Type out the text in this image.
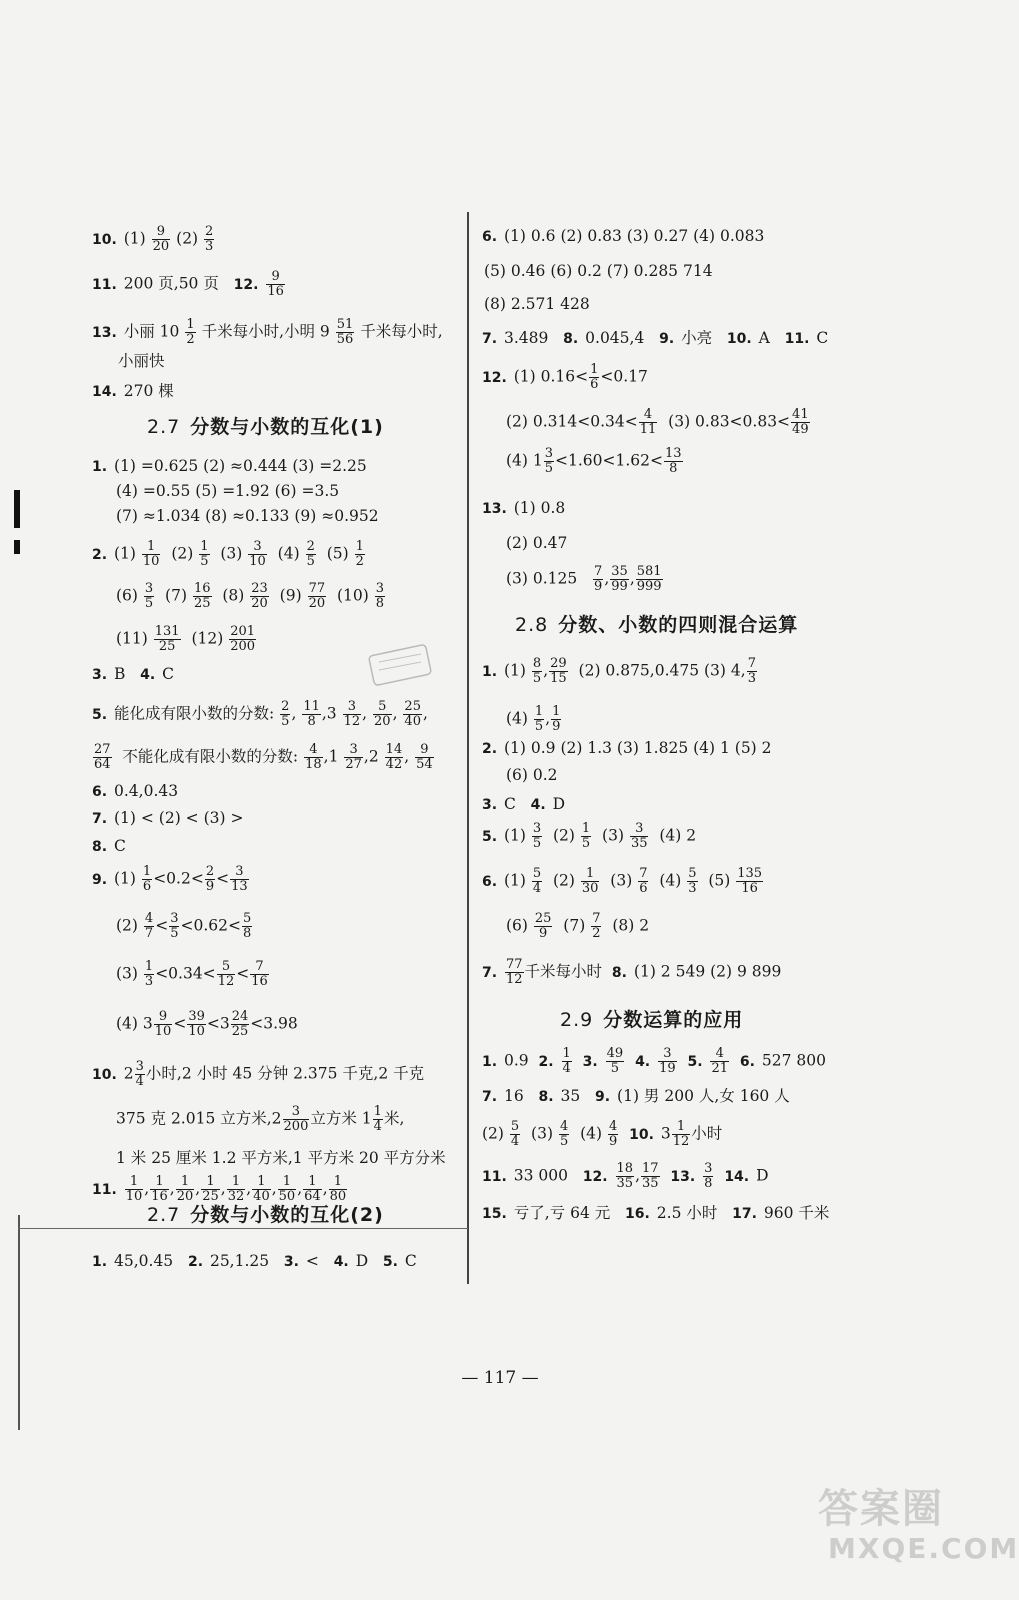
10. $(1) \frac{9}{20} (2) \frac{2}{3}$
11. 200 页,50 页 12. $\frac{9}{16}$
13. 小丽 $10 \frac{1}{2}$ 千米每小时,小明 $9 \frac{51}{56}$ 千米每小时,
小丽快
14. 270 棵
2.7 分数与小数的互化(1)
1. (1) =0.625 (2) ≈0.444 (3) =2.25
(4) =0.55 (5) =1.92 (6) =3.5
(7) ≈1.034 (8) ≈0.133 (9) ≈0.952
2. $(1) \frac{1}{10} (2) \frac{1}{5} (3) \frac{3}{10} (4) \frac{2}{5} (5) \frac{1}{2}$
$(6) \frac{3}{5} (7) \frac{16}{25} (8) \frac{23}{20} (9) \frac{77}{20} (10) \frac{3}{8}$
$(11) \frac{131}{25} (12) \frac{201}{200}$
3. B 4. C
5. 能化成有限小数的分数: $\frac{2}{5}$ , $\frac{11}{8} ,3 \frac{3}{12}$ , $\frac{5}{20}$ , $\frac{25}{40}$ ,
$\frac{27}{64}$ 不能化成有限小数的分数: $\frac{4}{18} ,1 \frac{3}{27} ,2 \frac{14}{42}$ , $\frac{9}{54}$
6. 0.4,0.43
7. (1) < (2) < (3) >
8. C
9. $(1) \frac{1}{6} <0.2< \frac{2}{9} < \frac{3}{13}$
$(2) \frac{4}{7} < \frac{3}{5} <0.62< \frac{5}{8}$
$(3) \frac{1}{3} <0.34< \frac{5}{12} < \frac{7}{16}$
(4) $3 \frac{9}{10} < \frac{39}{10} <3 \frac{24}{25} <3.98$
10. $2 \frac{3}{4}$ 小时,2 小时 45 分钟 2.375 千克,2 千克
375 克 2.015 立方米$,2 \frac{3}{200}$ 立方米 $1 \frac{1}{4}$ 米,
1 米 25 厘米 1.2 平方米,1 平方米 20 平方分米
11. $\frac{1}{10}$ , $\frac{1}{16}$ , $\frac{1}{20}$ , $\frac{1}{25}$ , $\frac{1}{32}$ , $\frac{1}{40}$ , $\frac{1}{50}$ , $\frac{1}{64}$ , $\frac{1}{80}$
2.7 分数与小数的互化(2)
1. 45,0.45 2. 25,1.25 3. < 4. D 5. C
6. (1) 0.6 (2) 0.83 (3) 0.27 (4) 0.083
(5) 0.46 (6) 0.2 (7) 0.285 714
(8) 2.571 428
7. 3.489 8. 0.045,4 9. 小亮 10. A 11. C
12. (1) $0.16< \frac{1}{6} <0.17$
(2) $0.314<0.34< \frac{4}{11} (3)$ $0.83<0.83< \frac{41}{49}$
(4) $1 \frac{3}{5} <1.60<1.62< \frac{13}{8}$
13. (1) 0.8
(2) 0.47
(3) $0.125 \frac{7}{9}$ , $\frac{35}{99}$ , $\frac{581}{999}$
2.8 分数、小数的四则混合运算
1. $(1) \frac{8}{5}$ , $\frac{29}{15} (2)$ 0.875,0.475 (3) 4, $\frac{7}{3}$
$(4) \frac{1}{5}$ , $\frac{1}{9}$
2. (1) 0.9 (2) 1.3 (3) 1.825 (4) 1 (5) 2
(6) 0.2
3. C 4. D
5. $(1) \frac{3}{5} (2) \frac{1}{5} (3) \frac{3}{35} (4)$ 2
6. $(1) \frac{5}{4} (2) \frac{1}{30} (3) \frac{7}{6} (4) \frac{5}{3} (5) \frac{135}{16}$
$(6) \frac{25}{9} (7) \frac{7}{2} (8)$ 2
7. $\frac{77}{12}$ 千米每小时 8. (1) 2 549 (2) 9 899
2.9 分数运算的应用
1. 0.9 2. $\frac{1}{4} 3$. $\frac{49}{5} 4$. $\frac{3}{19} 5$. $\frac{4}{21} 6$. 527 800
7. 16 8. 35 9. (1) 男 200 人,女 160 人
$(2) \frac{5}{4} (3) \frac{4}{5} (4) \frac{4}{9} 10$. $3 \frac{1}{12}$ 小时
11. 33 000 12. $\frac{18}{35}$ , $\frac{17}{35} 13$. $\frac{3}{8} 14$. D
15. 亏了,亏 64 元 16. 2.5 小时 17. 960 千米
— 117 —
答案圈
MXQE.COM
